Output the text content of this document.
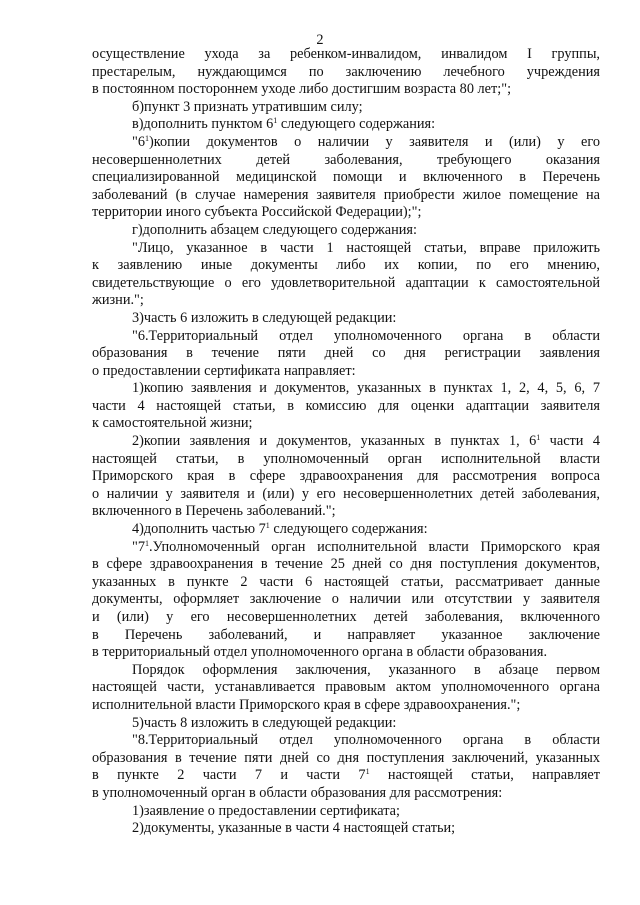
2
осуществление ухода за ребенком-инвалидом, инвалидом I группы,
престарелым, нуждающимся по заключению лечебного учреждения
в постоянном постороннем уходе либо достигшим возраста 80 лет;";
б)пункт 3 признать утратившим силу;
в)дополнить пунктом $6^1$ следующего содержания:
"$6^1)копии$ документов о наличии у заявителя и (или) у его
несовершеннолетних детей заболевания, требующего оказания
специализированной медицинской помощи и включенного в Перечень
заболеваний (в случае намерения заявителя приобрести жилое помещение на
территории иного субъекта Российской Федерации);";
г)дополнить абзацем следующего содержания:
"Лицо, указанное в части 1 настоящей статьи, вправе приложить
к заявлению иные документы либо их копии, по его мнению,
свидетельствующие о его удовлетворительной адаптации к самостоятельной
жизни.";
3)часть 6 изложить в следующей редакции:
"6.Территориальный отдел уполномоченного органа в области
образования в течение пяти дней со дня регистрации заявления
о предоставлении сертификата направляет:
1)копию заявления и документов, указанных в пунктах 1, 2, 4, 5, 6, 7
части 4 настоящей статьи, в комиссию для оценки адаптации заявителя
к самостоятельной жизни;
2)копии заявления и документов, указанных в пунктах 1, $6^1$ части 4
настоящей статьи, в уполномоченный орган исполнительной власти
Приморского края в сфере здравоохранения для рассмотрения вопроса
о наличии у заявителя и (или) у его несовершеннолетних детей заболевания,
включенного в Перечень заболеваний.";
4)дополнить частью $7^1$ следующего содержания:
"$7^1.Уполномоченный$ орган исполнительной власти Приморского края
в сфере здравоохранения в течение 25 дней со дня поступления документов,
указанных в пункте 2 части 6 настоящей статьи, рассматривает данные
документы, оформляет заключение о наличии или отсутствии у заявителя
и (или) у его несовершеннолетних детей заболевания, включенного
в Перечень заболеваний, и направляет указанное заключение
в территориальный отдел уполномоченного органа в области образования.
Порядок оформления заключения, указанного в абзаце первом
настоящей части, устанавливается правовым актом уполномоченного органа
исполнительной власти Приморского края в сфере здравоохранения.";
5)часть 8 изложить в следующей редакции:
"8.Территориальный отдел уполномоченного органа в области
образования в течение пяти дней со дня поступления заключений, указанных
в пункте 2 части 7 и части $7^1$ настоящей статьи, направляет
в уполномоченный орган в области образования для рассмотрения:
1)заявление о предоставлении сертификата;
2)документы, указанные в части 4 настоящей статьи;
